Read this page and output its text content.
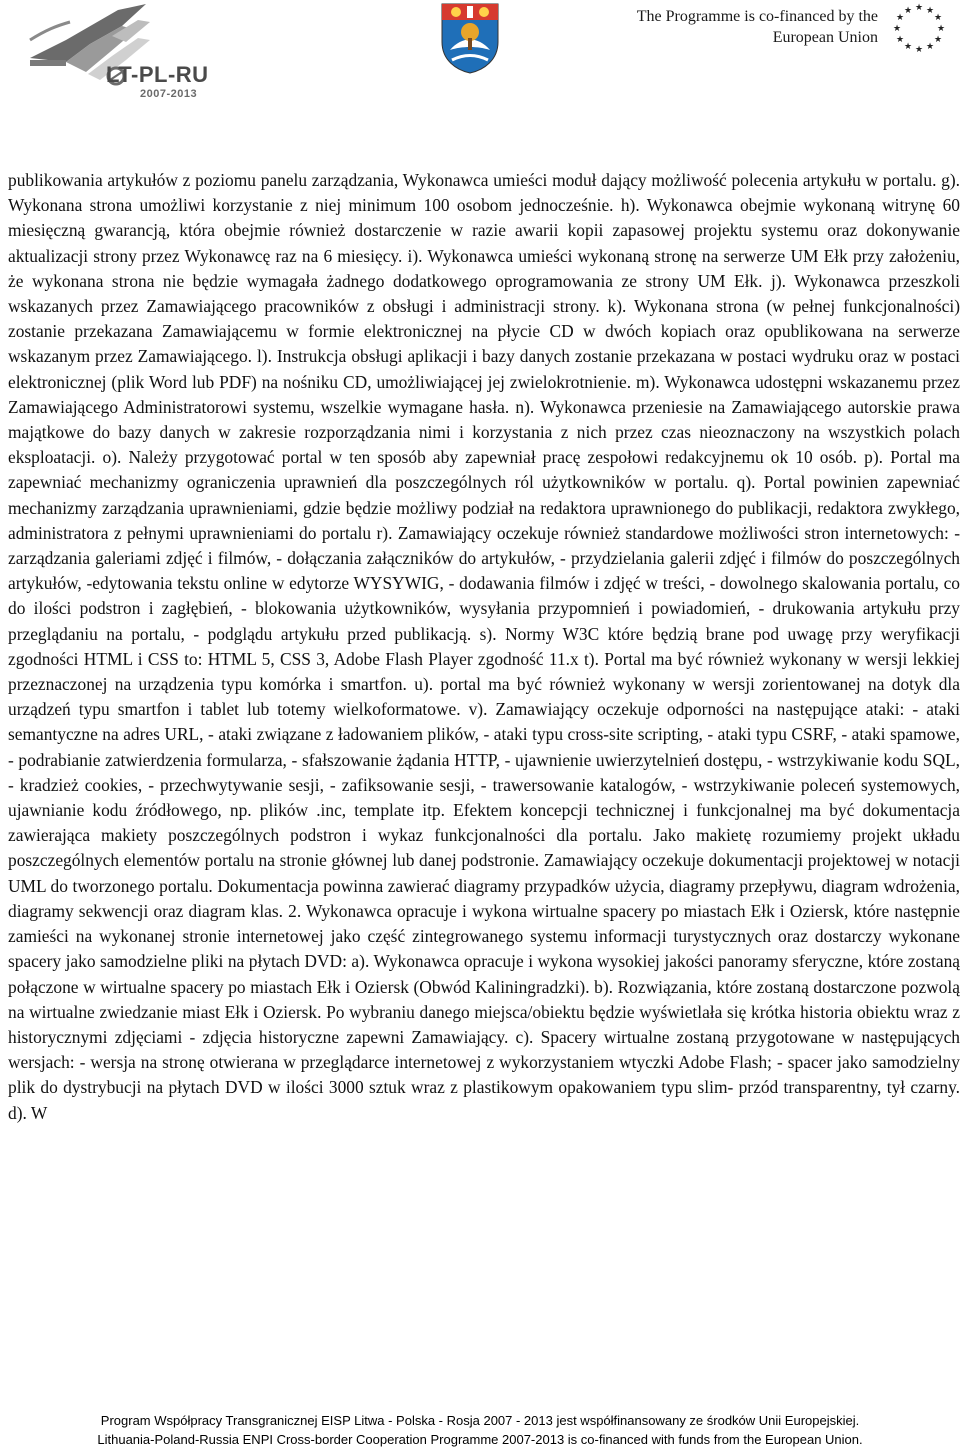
LT-PL-RU
2007-2013
The Programme is co-financed by the
European Union
★ ★
★
★
★
★
★
★
★
★
★
★

publikowania artykułów z poziomu panelu zarządzania, Wykonawca umieści moduł dający możliwość polecenia artykułu w portalu. g). Wykonana strona umożliwi korzystanie z niej minimum 100 osobom jednocześnie. h). Wykonawca obejmie wykonaną witrynę 60 miesięczną gwarancją, która obejmie również dostarczenie w razie awarii kopii zapasowej projektu systemu oraz dokonywanie aktualizacji strony przez Wykonawcę raz na 6 miesięcy. i). Wykonawca umieści wykonaną stronę na serwerze UM Ełk przy założeniu, że wykonana strona nie będzie wymagała żadnego dodatkowego oprogramowania ze strony UM Ełk. j). Wykonawca przeszkoli wskazanych przez Zamawiającego pracowników z obsługi i administracji strony. k). Wykonana strona (w pełnej funkcjonalności) zostanie przekazana Zamawiającemu w formie elektronicznej na płycie CD w dwóch kopiach oraz opublikowana na serwerze wskazanym przez Zamawiającego. l). Instrukcja obsługi aplikacji i bazy danych zostanie przekazana w postaci wydruku oraz w postaci elektronicznej (plik Word lub PDF) na nośniku CD, umożliwiającej jej zwielokrotnienie. m). Wykonawca udostępni wskazanemu przez Zamawiającego Administratorowi systemu, wszelkie wymagane hasła. n). Wykonawca przeniesie na Zamawiającego autorskie prawa majątkowe do bazy danych w zakresie rozporządzania nimi i korzystania z nich przez czas nieoznaczony na wszystkich polach eksploatacji. o). Należy przygotować portal w ten sposób aby zapewniał pracę zespołowi redakcyjnemu ok 10 osób. p). Portal ma zapewniać mechanizmy ograniczenia uprawnień dla poszczególnych ról użytkowników w portalu. q). Portal powinien zapewniać mechanizmy zarządzania uprawnieniami, gdzie będzie możliwy podział na redaktora uprawnionego do publikacji, redaktora zwykłego, administratora z pełnymi uprawnieniami do portalu r). Zamawiający oczekuje również standardowe możliwości stron internetowych: - zarządzania galeriami zdjęć i filmów, - dołączania załączników do artykułów, - przydzielania galerii zdjęć i filmów do poszczególnych artykułów, -edytowania tekstu online w edytorze WYSYWIG, - dodawania filmów i zdjęć w treści, - dowolnego skalowania portalu, co do ilości podstron i zagłębień, - blokowania użytkowników, wysyłania przypomnień i powiadomień, - drukowania artykułu przy przeglądaniu na portalu, - podglądu artykułu przed publikacją. s). Normy W3C które będzią brane pod uwagę przy weryfikacji zgodności HTML i CSS to: HTML 5, CSS 3, Adobe Flash Player zgodność 11.x t). Portal ma być również wykonany w wersji lekkiej przeznaczonej na urządzenia typu komórka i smartfon. u). portal ma być również wykonany w wersji zorientowanej na dotyk dla urządzeń typu smartfon i tablet lub totemy wielkoformatowe. v). Zamawiający oczekuje odporności na następujące ataki: - ataki semantyczne na adres URL, - ataki związane z ładowaniem plików, - ataki typu cross-site scripting, - ataki typu CSRF, - ataki spamowe, - podrabianie zatwierdzenia formularza, - sfałszowanie żądania HTTP, - ujawnienie uwierzytelnień dostępu, - wstrzykiwanie kodu SQL, - kradzież cookies, - przechwytywanie sesji, - zafiksowanie sesji, - trawersowanie katalogów, - wstrzykiwanie poleceń systemowych, ujawnianie kodu źródłowego, np. plików .inc, template itp. Efektem koncepcji technicznej i funkcjonalnej ma być dokumentacja zawierająca makiety poszczególnych podstron i wykaz funkcjonalności dla portalu. Jako makietę rozumiemy projekt układu poszczególnych elementów portalu na stronie głównej lub danej podstronie. Zamawiający oczekuje dokumentacji projektowej w notacji UML do tworzonego portalu. Dokumentacja powinna zawierać diagramy przypadków użycia, diagramy przepływu, diagram wdrożenia, diagramy sekwencji oraz diagram klas. 2. Wykonawca opracuje i wykona wirtualne spacery po miastach Ełk i Oziersk, które następnie zamieści na wykonanej stronie internetowej jako część zintegrowanego systemu informacji turystycznych oraz dostarczy wykonane spacery jako samodzielne pliki na płytach DVD: a). Wykonawca opracuje i wykona wysokiej jakości panoramy sferyczne, które zostaną połączone w wirtualne spacery po miastach Ełk i Oziersk (Obwód Kaliningradzki). b). Rozwiązania, które zostaną dostarczone pozwolą na wirtualne zwiedzanie miast Ełk i Oziersk. Po wybraniu danego miejsca/obiektu będzie wyświetlała się krótka historia obiektu wraz z historycznymi zdjęciami - zdjęcia historyczne zapewni Zamawiający. c). Spacery wirtualne zostaną przygotowane w następujących wersjach: - wersja na stronę otwierana w przeglądarce internetowej z wykorzystaniem wtyczki Adobe Flash; - spacer jako samodzielny plik do dystrybucji na płytach DVD w ilości 3000 sztuk wraz z plastikowym opakowaniem typu slim- przód transparentny, tył czarny. d). W

Program Współpracy Transgranicznej EISP Litwa - Polska - Rosja 2007 - 2013 jest współfinansowany ze środków Unii Europejskiej.
Lithuania-Poland-Russia ENPI Cross-border Cooperation Programme 2007-2013 is co-financed with funds from the European Union.
